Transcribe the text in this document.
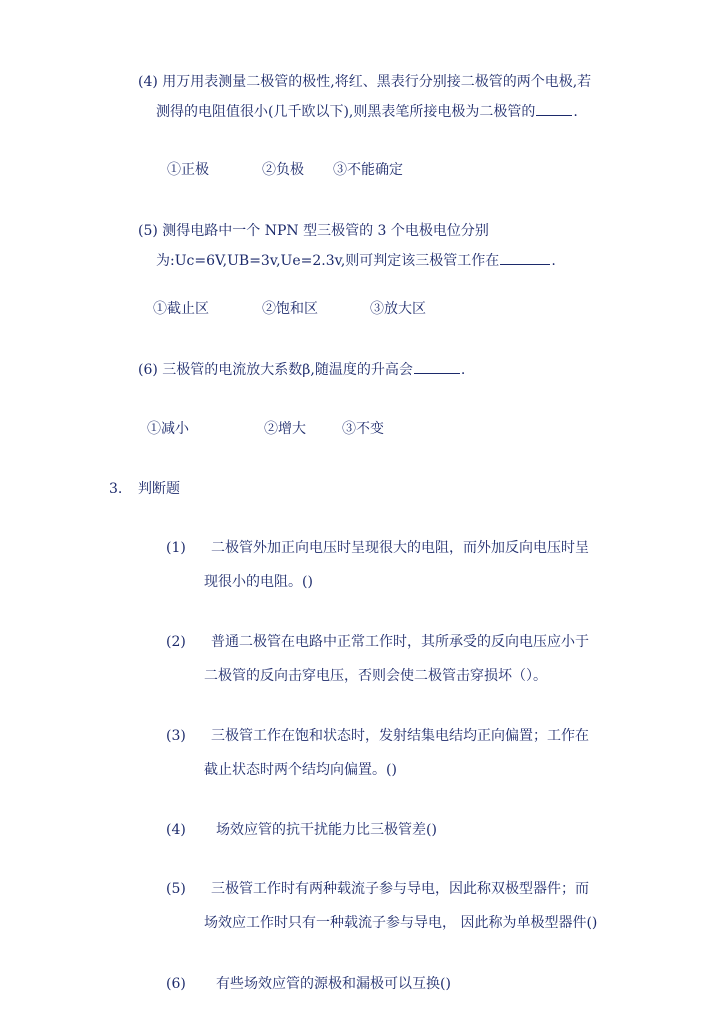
(4) 用万用表测量二极管的极性,将红、黑表行分别接二极管的两个电极,若
测得的电阻值很小(几千欧以下),则黑表笔所接电极为二极管的	.
①正极	②负极 ③不能确定
(5) 测得电路中一个 NPN 型三极管的 3 个电极电位分别
为:Uc=6V,UB=3v,Ue=2.3v,则可判定该三极管工作在	.
①截止区	②饱和区	③放大区
(6) 三极管的电流放大系数β,随温度的升高会	.
①减小	②增大	③不变
3. 判断题
(1) 二极管外加正向电压时呈现很大的电阻，而外加反向电压时呈
现很小的电阻。()
(2) 普通二极管在电路中正常工作时，其所承受的反向电压应小于
二极管的反向击穿电压，否则会使二极管击穿损坏（）。
(3) 三极管工作在饱和状态时，发射结集电结均正向偏置；工作在
截止状态时两个结均向偏置。()
(4) 场效应管的抗干扰能力比三极管差()
(5) 三极管工作时有两种载流子参与导电，因此称双极型器件；而
场效应工作时只有一种载流子参与导电， 因此称为单极型器件()
(6) 有些场效应管的源极和漏极可以互换()
